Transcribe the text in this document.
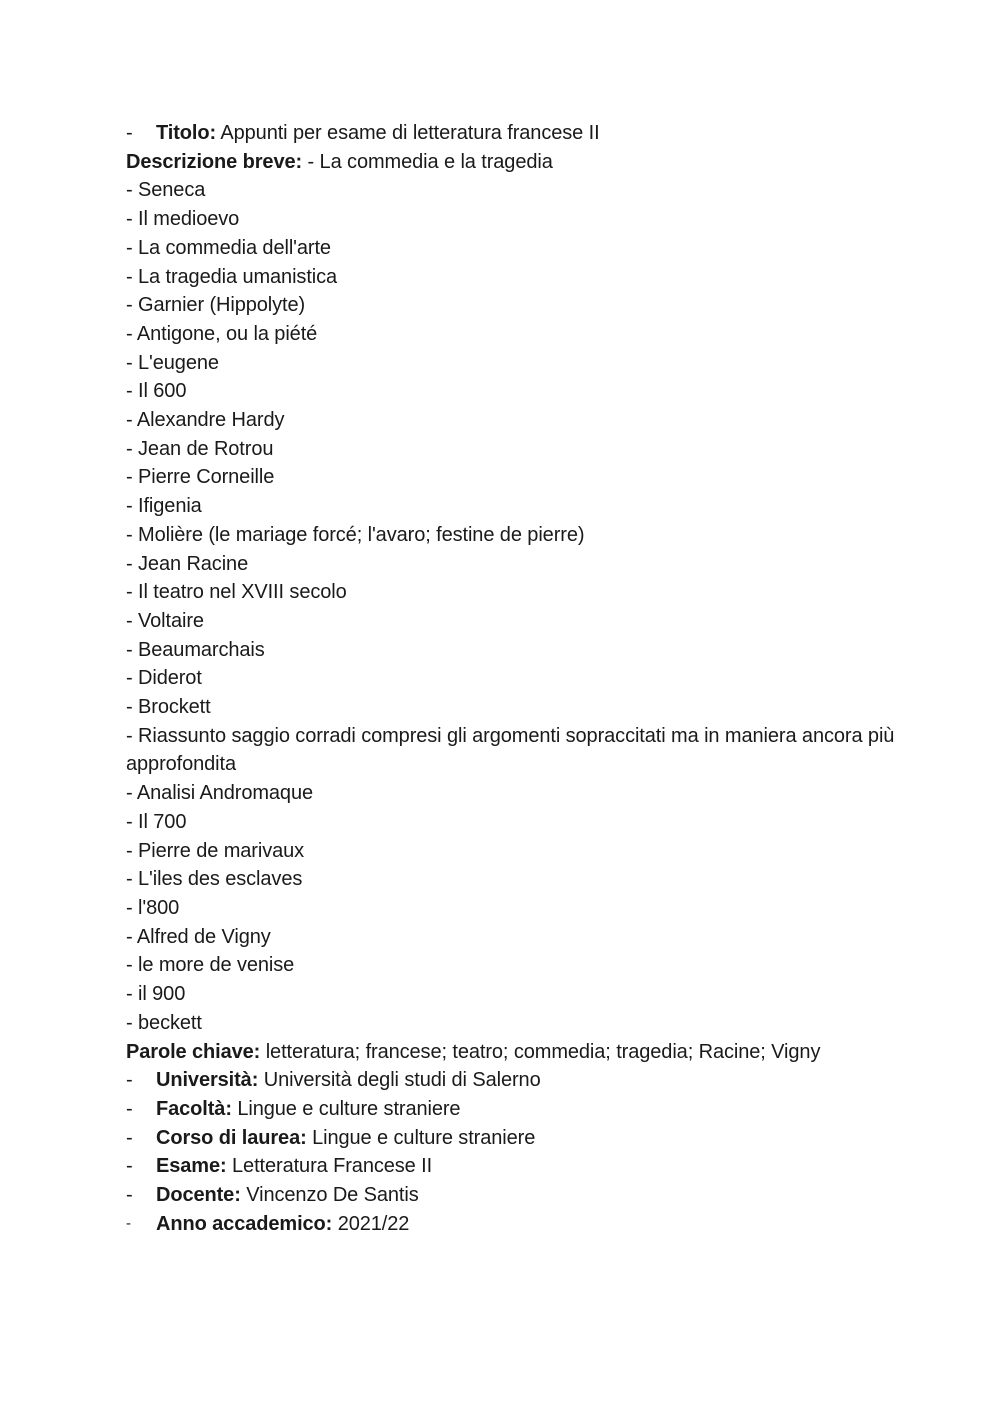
-	Titolo: Appunti per esame di letteratura francese II
Descrizione breve: - La commedia e la tragedia
- Seneca
- Il medioevo
- La commedia dell'arte
- La tragedia umanistica
- Garnier (Hippolyte)
- Antigone, ou la piété
- L'eugene
- Il 600
- Alexandre Hardy
- Jean de Rotrou
- Pierre Corneille
- Ifigenia
- Molière (le mariage forcé; l'avaro; festine de pierre)
- Jean Racine
- Il teatro nel XVIII secolo
- Voltaire
- Beaumarchais
- Diderot
- Brockett
- Riassunto saggio corradi compresi gli argomenti sopraccitati ma in maniera ancora più approfondita
- Analisi Andromaque
- Il 700
- Pierre de marivaux
- L'iles des esclaves
- l'800
- Alfred de Vigny
- le more de venise
- il 900
- beckett
Parole chiave: letteratura; francese; teatro; commedia; tragedia; Racine; Vigny
-	Università: Università degli studi di Salerno
-	Facoltà: Lingue e culture straniere
-	Corso di laurea: Lingue e culture straniere
-	Esame: Letteratura Francese II
-	Docente: Vincenzo De Santis
-	Anno accademico: 2021/22
